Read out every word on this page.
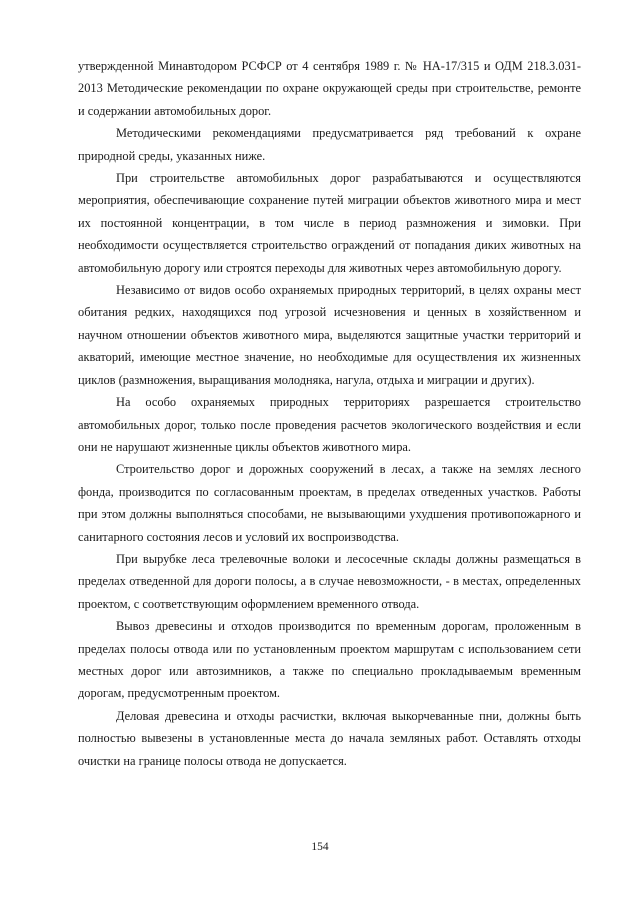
утвержденной Минавтодором РСФСР от 4 сентября 1989 г. № НА-17/315 и ОДМ 218.3.031-2013 Методические рекомендации по охране окружающей среды при строительстве, ремонте и содержании автомобильных дорог.

Методическими рекомендациями предусматривается ряд требований к охране природной среды, указанных ниже.

При строительстве автомобильных дорог разрабатываются и осуществляются мероприятия, обеспечивающие сохранение путей миграции объектов животного мира и мест их постоянной концентрации, в том числе в период размножения и зимовки. При необходимости осуществляется строительство ограждений от попадания диких животных на автомобильную дорогу или строятся переходы для животных через автомобильную дорогу.

Независимо от видов особо охраняемых природных территорий, в целях охраны мест обитания редких, находящихся под угрозой исчезновения и ценных в хозяйственном и научном отношении объектов животного мира, выделяются защитные участки территорий и акваторий, имеющие местное значение, но необходимые для осуществления их жизненных циклов (размножения, выращивания молодняка, нагула, отдыха и миграции и других).

На особо охраняемых природных территориях разрешается строительство автомобильных дорог, только после проведения расчетов экологического воздействия и если они не нарушают жизненные циклы объектов животного мира.

Строительство дорог и дорожных сооружений в лесах, а также на землях лесного фонда, производится по согласованным проектам, в пределах отведенных участков. Работы при этом должны выполняться способами, не вызывающими ухудшения противопожарного и санитарного состояния лесов и условий их воспроизводства.

При вырубке леса трелевочные волоки и лесосечные склады должны размещаться в пределах отведенной для дороги полосы, а в случае невозможности, - в местах, определенных проектом, с соответствующим оформлением временного отвода.

Вывоз древесины и отходов производится по временным дорогам, проложенным в пределах полосы отвода или по установленным проектом маршрутам с использованием сети местных дорог или автозимников, а также по специально прокладываемым временным дорогам, предусмотренным проектом.

Деловая древесина и отходы расчистки, включая выкорчеванные пни, должны быть полностью вывезены в установленные места до начала земляных работ. Оставлять отходы очистки на границе полосы отвода не допускается.

154
